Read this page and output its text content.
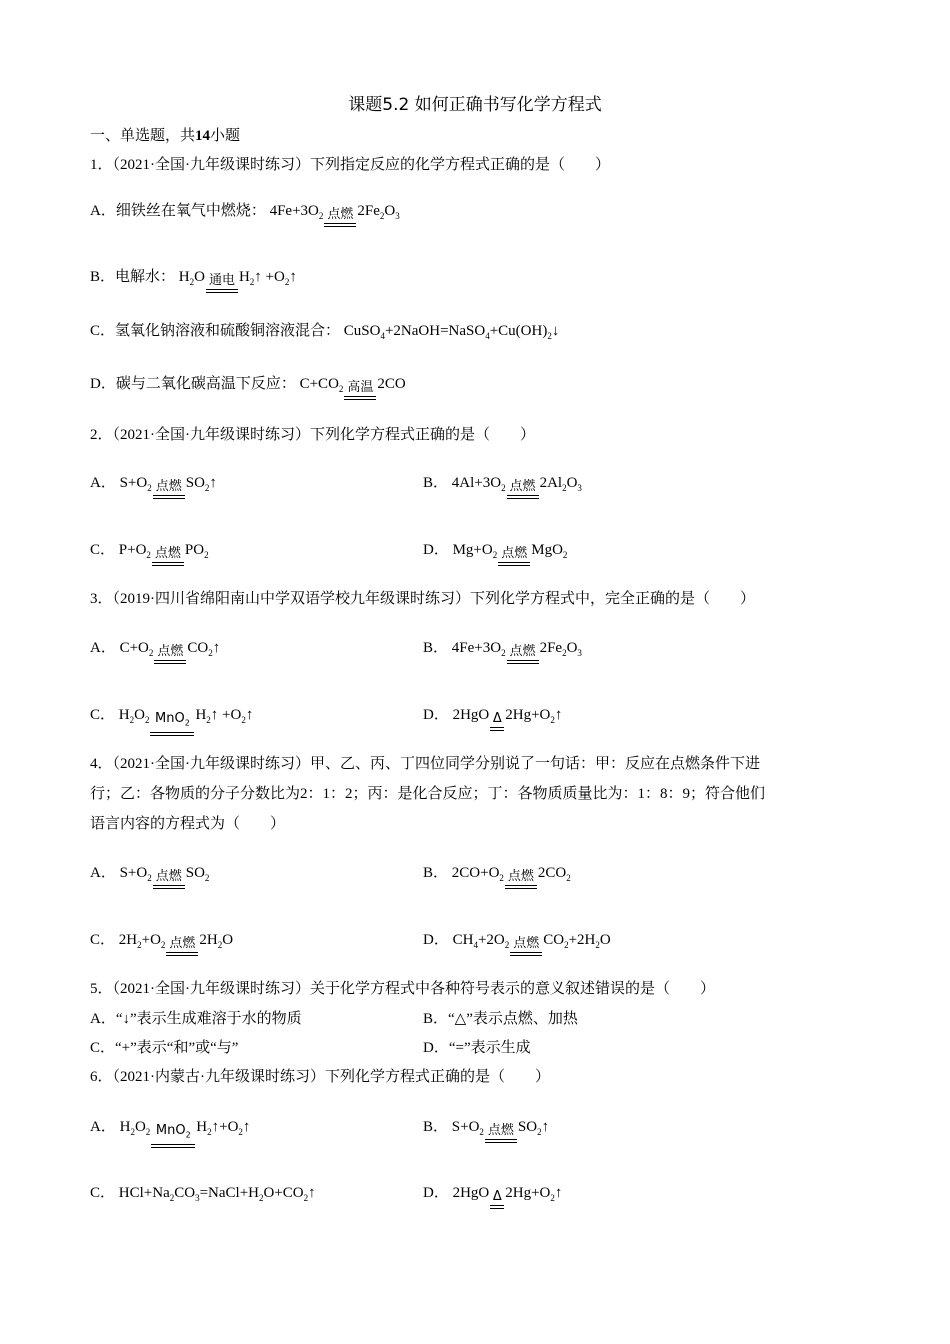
课题5.2 如何正确书写化学方程式
一、单选题，共14小题
1．（2021·全国·九年级课时练习）下列指定反应的化学方程式正确的是（　　）
A．细铁丝在氧气中燃烧： $4Fe+3O_2$ 点燃 $2Fe_2O_3$
B．电解水： $H_2O$ 通电 $H_2↑$ $+O_2↑$
C．氢氧化钠溶液和硫酸铜溶液混合： $CuSO_4+2NaOH=NaSO_4+Cu(OH)_2↓$
D．碳与二氧化碳高温下反应： $C+CO_2$ 高温 2CO
2．（2021·全国·九年级课时练习）下列化学方程式正确的是（　　）
A． $S+O_2$ 点燃 $SO_2↑$	B． $4Al+3O_2$ 点燃 $2Al_2O_3$
C． $P+O_2$ 点燃 $PO_2$	D． $Mg+O_2$ 点燃 MgO$_2$
3．（2019·四川省绵阳南山中学双语学校九年级课时练习）下列化学方程式中，完全正确的是（　　）
A． $C+O_2$ 点燃 $CO_2↑$	B． $4Fe+3O_2$ 点燃 $2Fe_2O_3$
C． $H_2O_2$ MnO$_2$
$H_2↑$ $+O_2↑$	D． 2HgO Δ $2Hg+O_2↑$
4．（2021·全国·九年级课时练习）甲、乙、丙、丁四位同学分别说了一句话：甲：反应在点燃条件下进
行；乙：各物质的分子分数比为2：1：2；丙：是化合反应；丁：各物质质量比为：1：8：9；符合他们
语言内容的方程式为（　　）
A． $S+O_2$ 点燃 $SO_2$	B． $2CO+O_2$ 点燃 $2CO_2$
C． $2H_2+O_2$ 点燃 $2H_2O$	D． $CH_4+2O_2$ 点燃 $CO_2+2H_2O$
5．（2021·全国·九年级课时练习）关于化学方程式中各种符号表示的意义叙述错误的是（　　）
A．“↓”表示生成难溶于水的物质	B．“△”表示点燃、加热
C．“+”表示“和”或“与”	D．“=”表示生成
6．（2021·内蒙古·九年级课时练习）下列化学方程式正确的是（　　）
A． $H_2O_2$ MnO$_2$
$H_2↑+O_2↑$	B． $S+O_2$ 点燃 $SO_2↑$
C． $HCl+Na_2CO_3=NaCl+H_2O+CO_2↑$	D． 2HgO Δ $2Hg+O_2↑$
